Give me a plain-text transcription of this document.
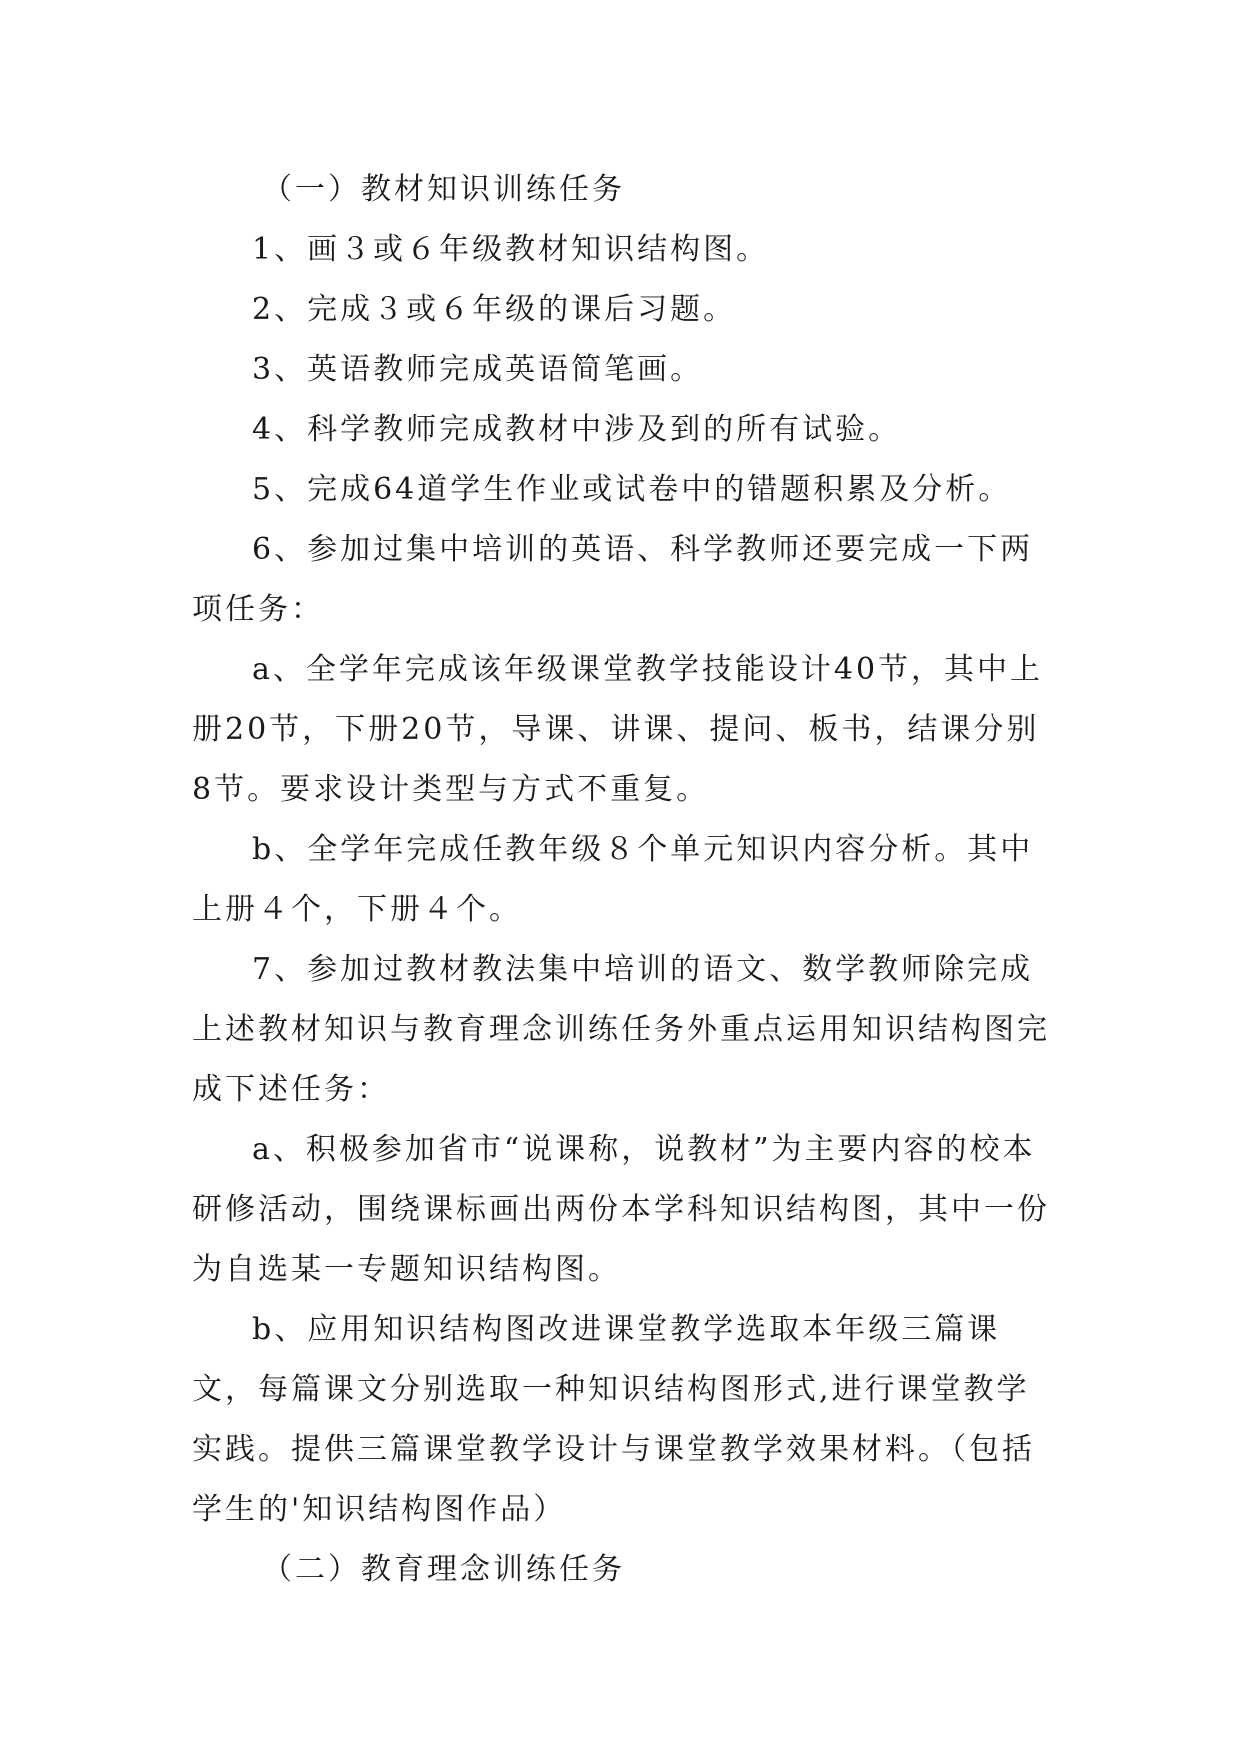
（一）教材知识训练任务

1、画３或６年级教材知识结构图。

2、完成３或６年级的课后习题。

3、英语教师完成英语简笔画。

4、科学教师完成教材中涉及到的所有试验。

5、完成64道学生作业或试卷中的错题积累及分析。

6、参加过集中培训的英语、科学教师还要完成一下两项任务：

a、全学年完成该年级课堂教学技能设计40节，其中上册20节，下册20节，导课、讲课、提问、板书，结课分别8节。要求设计类型与方式不重复。

b、全学年完成任教年级８个单元知识内容分析。其中上册４个，下册４个。

7、参加过教材教法集中培训的语文、数学教师除完成上述教材知识与教育理念训练任务外重点运用知识结构图完成下述任务：

a、积极参加省市“说课称，说教材”为主要内容的校本研修活动，围绕课标画出两份本学科知识结构图，其中一份为自选某一专题知识结构图。

b、应用知识结构图改进课堂教学选取本年级三篇课文，每篇课文分别选取一种知识结构图形式,进行课堂教学实践。提供三篇课堂教学设计与课堂教学效果材料。（包括学生的'知识结构图作品）

（二）教育理念训练任务
